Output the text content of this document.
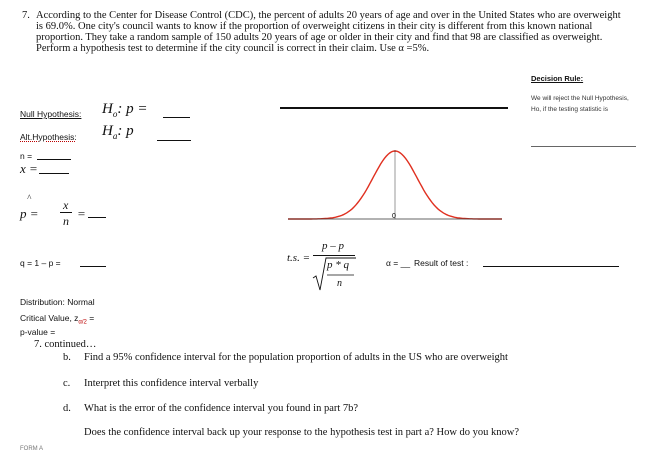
7. According to the Center for Disease Control (CDC), the percent of adults 20 years of age and over in the United States who are overweight is 69.0%. One city's council wants to know if the proportion of overweight citizens in their city is different from this known national proportion. They take a random sample of 150 adults 20 years of age or older in their city and find that 98 are classified as overweight. Perform a hypothesis test to determine if the city council is correct in their claim. Use α =5%.
Decision Rule:
We will reject the Null Hypothesis, Ho, if the testing statistic is
Null Hypothesis: $H_o$: p =
Alt.Hypothesis: $H_a$: p
n =
x =
^
p =
x
n =
q = 1 – p =
0
t.s. =
p – p
p * q
n
α = __ Result of test :
Distribution: Normal
Critical Value, $z_{\alpha/2}$ =
p-value =
7. continued…
b. Find a 95% confidence interval for the population proportion of adults in the US who are overweight
c. Interpret this confidence interval verbally
d. What is the error of the confidence interval you found in part 7b?
Does the confidence interval back up your response to the hypothesis test in part a? How do you know?
FORM A
